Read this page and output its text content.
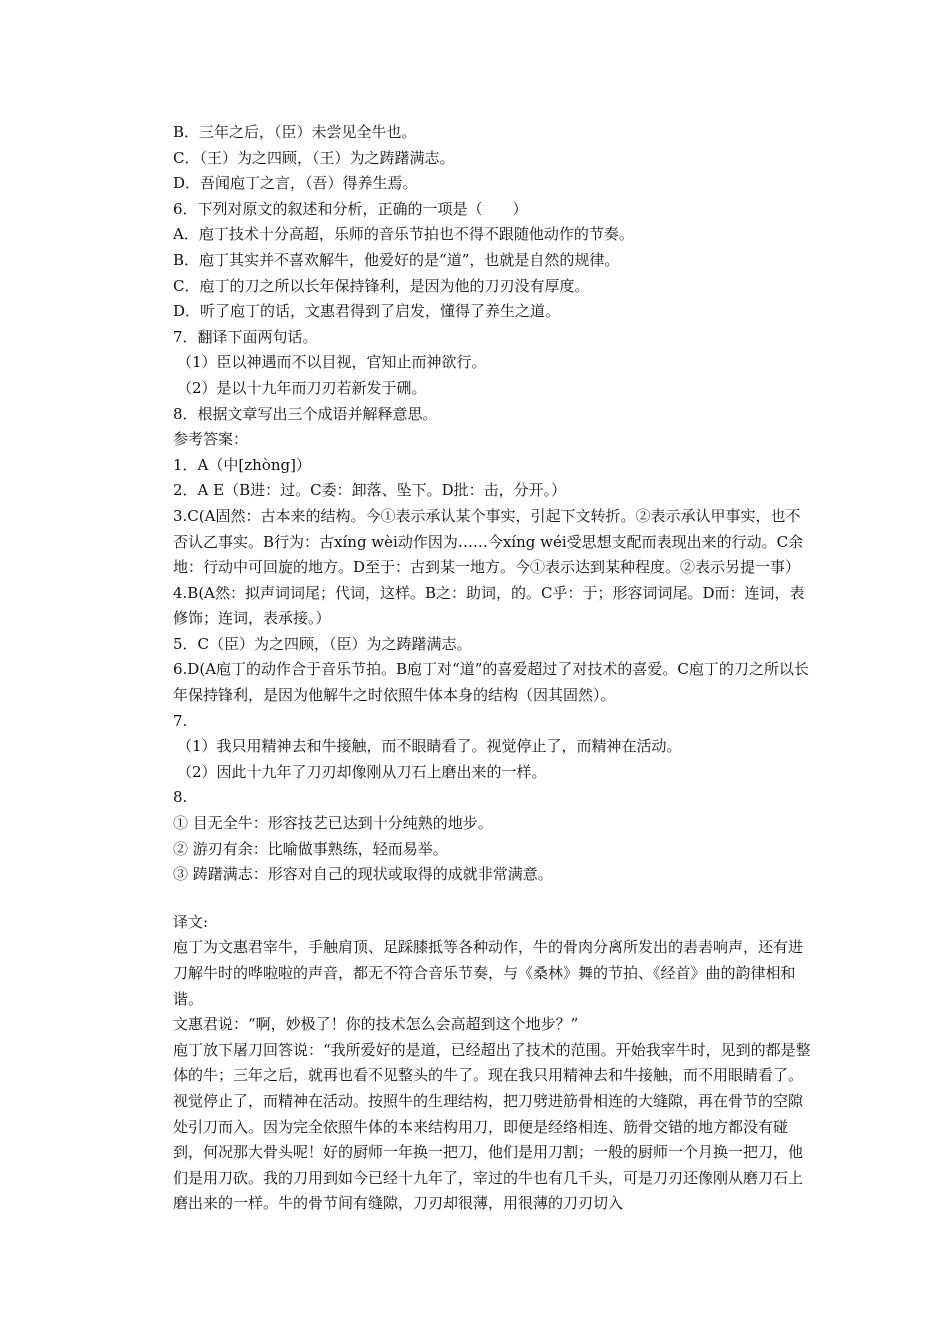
B．三年之后，（臣）未尝见全牛也。
C．（王）为之四顾，（王）为之踌躇满志。
D．吾闻庖丁之言，（吾）得养生焉。
6．下列对原文的叙述和分析，正确的一项是（　　）
A．庖丁技术十分高超，乐师的音乐节拍也不得不跟随他动作的节奏。
B．庖丁其实并不喜欢解牛，他爱好的是“道”，也就是自然的规律。
C．庖丁的刀之所以长年保持锋利，是因为他的刀刃没有厚度。
D．听了庖丁的话，文惠君得到了启发，懂得了养生之道。
7．翻译下面两句话。
（1）臣以神遇而不以目视，官知止而神欲行。
（2）是以十九年而刀刃若新发于硎。
8．根据文章写出三个成语并解释意思。
参考答案：
1．A（中[zhòng]）
2．A E（B进：过。C委：卸落、坠下。D批：击，分开。）
3.C(A固然：古本来的结构。今①表示承认某个事实，引起下文转折。②表示承认甲事实，也不否认乙事实。B行为：古xíng wèi动作因为……今xíng wéi受思想支配而表现出来的行动。C余地：行动中可回旋的地方。D至于：古到某一地方。今①表示达到某种程度。②表示另提一事）
4.B(A然：拟声词词尾；代词，这样。B之：助词，的。C乎：于；形容词词尾。D而：连词，表修饰；连词，表承接。）
5．C（臣）为之四顾，（臣）为之踌躇满志。
6.D(A庖丁的动作合于音乐节拍。B庖丁对“道”的喜爱超过了对技术的喜爱。C庖丁的刀之所以长年保持锋利，是因为他解牛之时依照牛体本身的结构（因其固然）。
7.
（1）我只用精神去和牛接触，而不眼睛看了。视觉停止了，而精神在活动。
（2）因此十九年了刀刃却像刚从刀石上磨出来的一样。
8.
① 目无全牛：形容技艺已达到十分纯熟的地步。
② 游刃有余：比喻做事熟练，轻而易举。
③ 踌躇满志：形容对自己的现状或取得的成就非常满意。
译文:
庖丁为文惠君宰牛，手触肩顶、足踩膝抵等各种动作，牛的骨肉分离所发出的砉砉响声，还有进刀解牛时的哗啦啦的声音，都无不符合音乐节奏，与《桑林》舞的节拍、《经首》曲的韵律相和谐。
文惠君说：“啊，妙极了！你的技术怎么会高超到这个地步？”
庖丁放下屠刀回答说：“我所爱好的是道，已经超出了技术的范围。开始我宰牛时，见到的都是整体的牛；三年之后，就再也看不见整头的牛了。现在我只用精神去和牛接触，而不用眼睛看了。视觉停止了，而精神在活动。按照牛的生理结构，把刀劈进筋骨相连的大缝隙，再在骨节的空隙处引刀而入。因为完全依照牛体的本来结构用刀，即便是经络相连、筋骨交错的地方都没有碰到，何况那大骨头呢！好的厨师一年换一把刀，他们是用刀割；一般的厨师一个月换一把刀，他们是用刀砍。我的刀用到如今已经十九年了，宰过的牛也有几千头，可是刀刃还像刚从磨刀石上磨出来的一样。牛的骨节间有缝隙，刀刃却很薄，用很薄的刀刃切入
